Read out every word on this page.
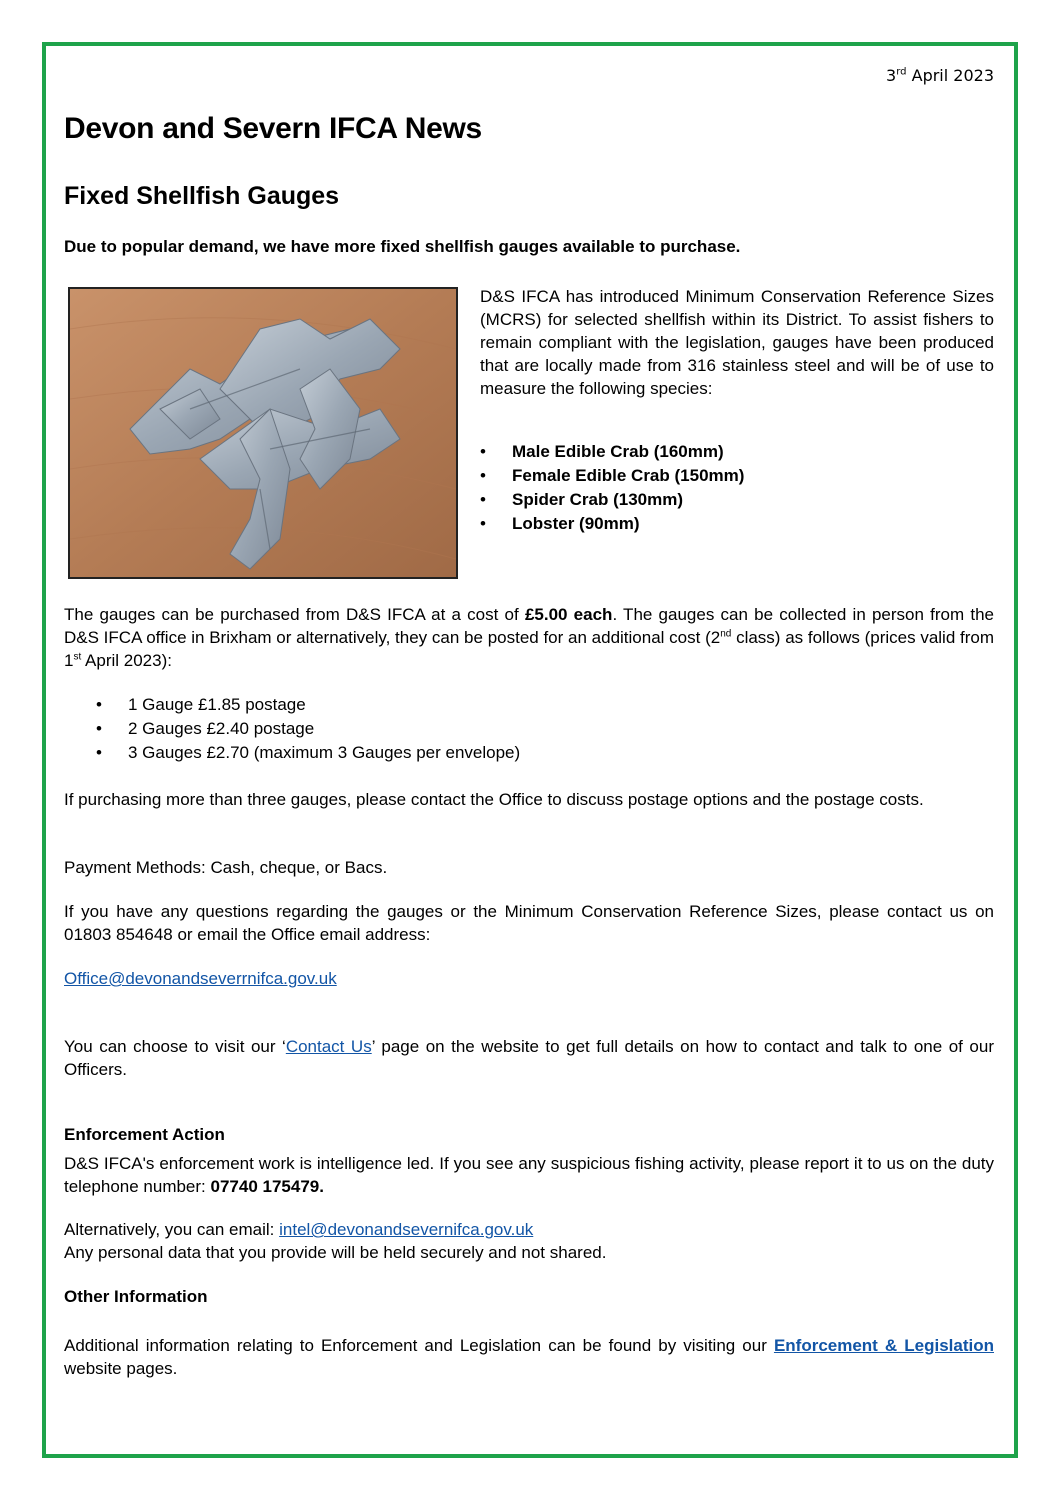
3rd April 2023
Devon and Severn IFCA News
Fixed Shellfish Gauges

Due to popular demand, we have more fixed shellfish gauges available to purchase.

D&S IFCA has introduced Minimum Conservation Reference Sizes (MCRS) for selected shellfish within its District. To assist fishers to remain compliant with the legislation, gauges have been produced that are locally made from 316 stainless steel and will be of use to measure the following species:

• Male Edible Crab (160mm)
• Female Edible Crab (150mm)
• Spider Crab (130mm)
• Lobster (90mm)

The gauges can be purchased from D&S IFCA at a cost of £5.00 each. The gauges can be collected in person from the D&S IFCA office in Brixham or alternatively, they can be posted for an additional cost (2nd class) as follows (prices valid from 1st April 2023):

• 1 Gauge £1.85 postage
• 2 Gauges £2.40 postage
• 3 Gauges £2.70 (maximum 3 Gauges per envelope)

If purchasing more than three gauges, please contact the Office to discuss postage options and the postage costs.

Payment Methods: Cash, cheque, or Bacs.

If you have any questions regarding the gauges or the Minimum Conservation Reference Sizes, please contact us on 01803 854648 or email the Office email address:

Office@devonandseverrnifca.gov.uk

You can choose to visit our ‘Contact Us’ page on the website to get full details on how to contact and talk to one of our Officers.

Enforcement Action

D&S IFCA's enforcement work is intelligence led. If you see any suspicious fishing activity, please report it to us on the duty telephone number: 07740 175479.

Alternatively, you can email: intel@devonandsevernifca.gov.uk
Any personal data that you provide will be held securely and not shared.

Other Information

Additional information relating to Enforcement and Legislation can be found by visiting our Enforcement & Legislation website pages.
